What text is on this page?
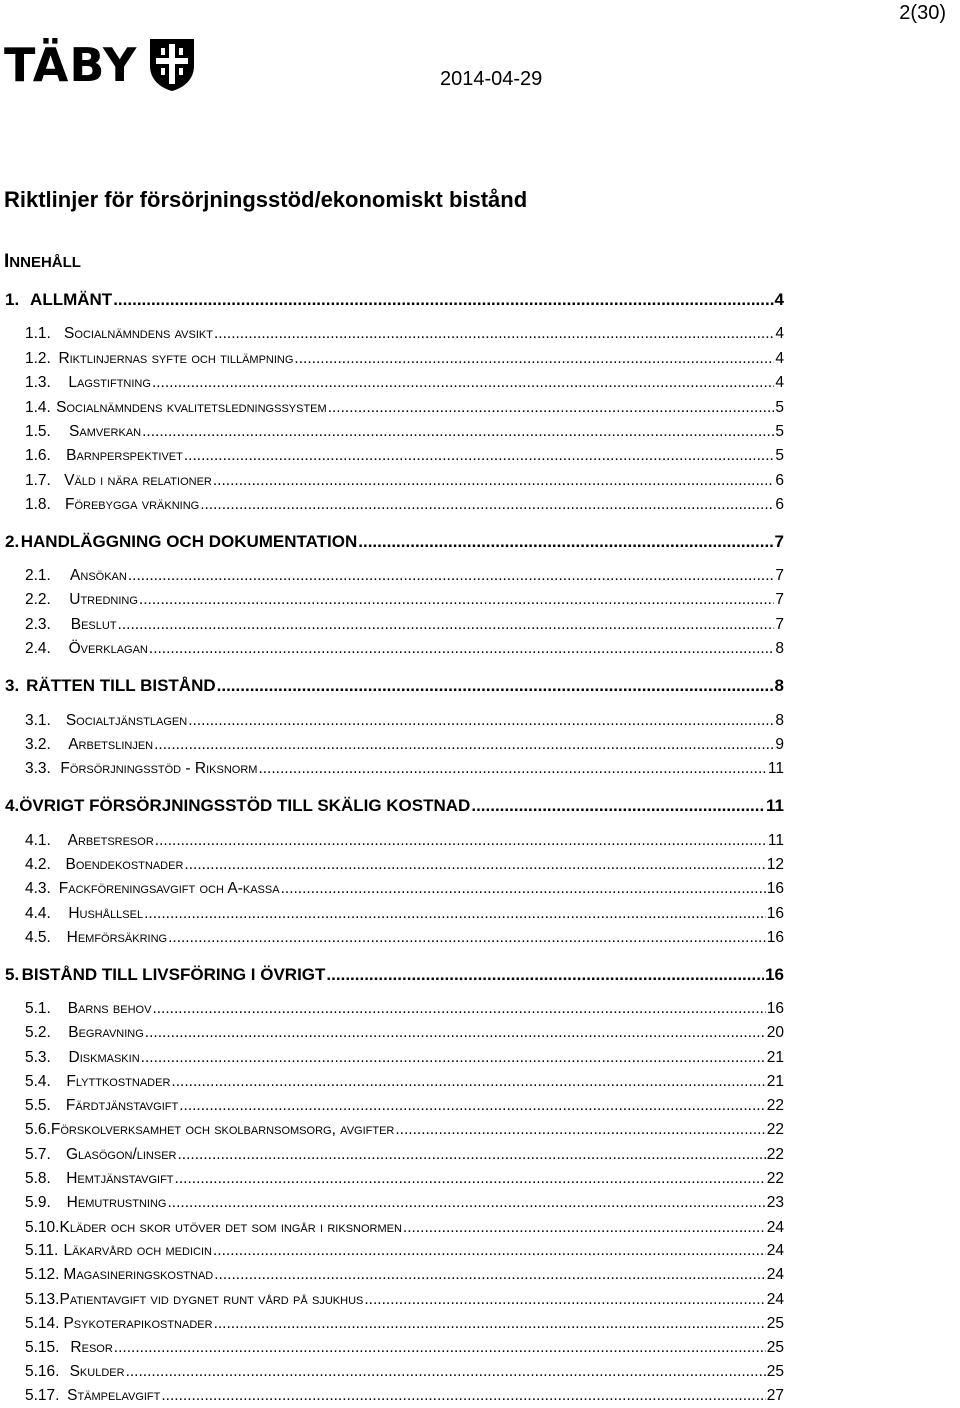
2(30)
TÄBY	2014-04-29
Riktlinjer för försörjningsstöd/ekonomiskt bistånd
INNEHÅLL
1. ALLMÄNT .....	4
1.1. Socialnämndens avsikt .....	4
1.2. Riktlinjernas syfte och tillämpning .....	4
1.3.	Lagstiftning .....	4
1.4. Socialnämndens kvalitetsledningssystem .....	5
1.5.	Samverkan .....	5
1.6. Barnperspektivet .....	5
1.7. Väld i nära relationer .....	6
1.8. Förebygga vräkning .....	6
2. HANDLÄGGNING OCH DOKUMENTATION .....	7
2.1.	Ansökan .....	7
2.2.	Utredning .....	7
2.3.	Beslut .....	7
2.4.	Överklagan .....	8
3. RÄTTEN TILL BISTÅND .....	8
3.1. Socialtjänstlagen .....	8
3.2.	Arbetslinjen .....	9
3.3. Försörjningsstöd - Riksnorm .....	11
4. ÖVRIGT FÖRSÖRJNINGSSTÖD TILL SKÄLIG KOSTNAD .....	11
4.1.	Arbetsresor .....	11
4.2. Boendekostnader .....	12
4.3. Fackföreningsavgift och A-kassa .....	16
4.4.	Hushållsel .....	16
4.5.	Hemförsäkring .....	16
5. BISTÅND TILL LIVSFÖRING I ÖVRIGT .....	16
5.1.	Barns behov .....	16
5.2.	Begravning .....	20
5.3.	Diskmaskin .....	21
5.4.	Flyttkostnader .....	21
5.5. Färdtjänstavgift .....	22
5.6. Förskolverksamhet och skolbarnsomsorg, avgifter .....	22
5.7. Glasögon/linser .....	22
5.8. Hemtjänstavgift .....	22
5.9.	Hemutrustning .....	23
5.10. Kläder och skor utöver det som ingår i riksnormen .....	24
5.11. Läkarvård och medicin .....	24
5.12. Magasineringskostnad .....	24
5.13. Patientavgift vid dygnet runt vård på sjukhus .....	24
5.14. Psykoterapikostnader .....	25
5.15. Resor .....	25
5.16. Skulder .....	25
5.17. Stämpelavgift .....	27
